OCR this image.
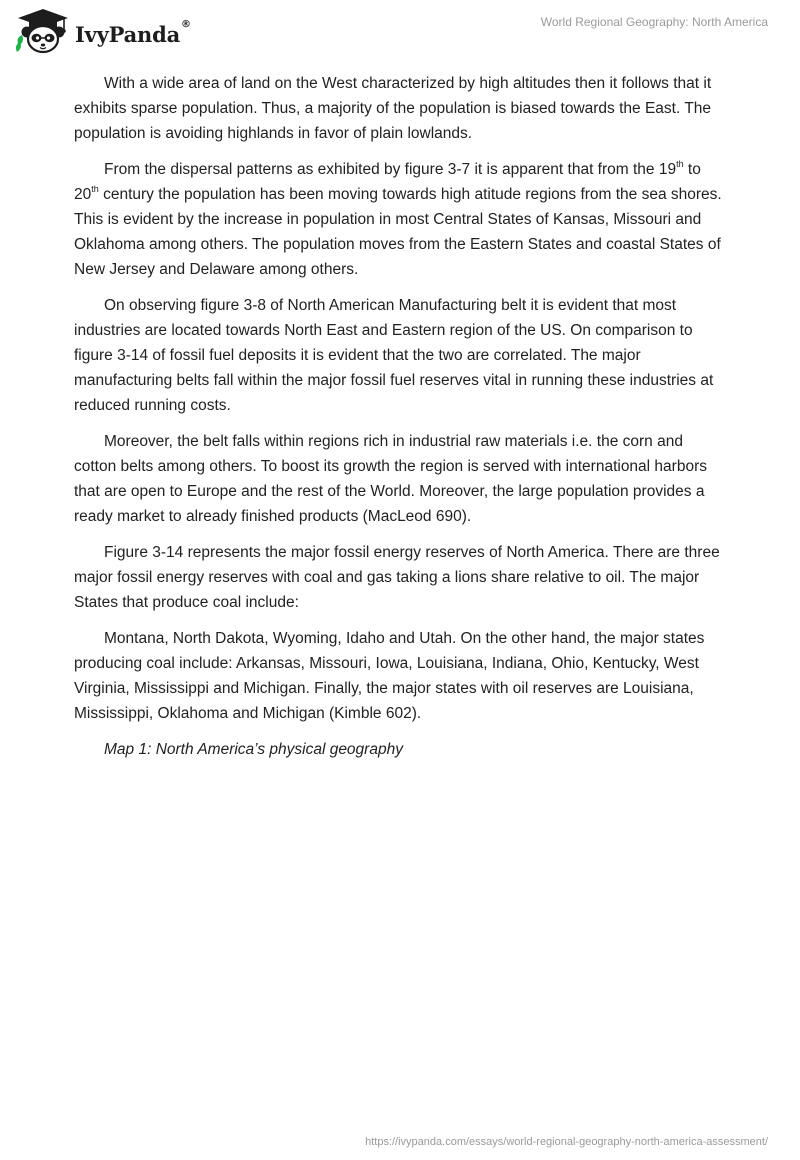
IvyPanda®	World Regional Geography: North America

With a wide area of land on the West characterized by high altitudes then it follows that it exhibits sparse population. Thus, a majority of the population is biased towards the East. The population is avoiding highlands in favor of plain lowlands.

From the dispersal patterns as exhibited by figure 3-7 it is apparent that from the 19th to 20th century the population has been moving towards high atitude regions from the sea shores. This is evident by the increase in population in most Central States of Kansas, Missouri and Oklahoma among others. The population moves from the Eastern States and coastal States of New Jersey and Delaware among others.

On observing figure 3-8 of North American Manufacturing belt it is evident that most industries are located towards North East and Eastern region of the US. On comparison to figure 3-14 of fossil fuel deposits it is evident that the two are correlated. The major manufacturing belts fall within the major fossil fuel reserves vital in running these industries at reduced running costs.

Moreover, the belt falls within regions rich in industrial raw materials i.e. the corn and cotton belts among others. To boost its growth the region is served with international harbors that are open to Europe and the rest of the World. Moreover, the large population provides a ready market to already finished products (MacLeod 690).

Figure 3-14 represents the major fossil energy reserves of North America. There are three major fossil energy reserves with coal and gas taking a lions share relative to oil. The major States that produce coal include:

Montana, North Dakota, Wyoming, Idaho and Utah. On the other hand, the major states producing coal include: Arkansas, Missouri, Iowa, Louisiana, Indiana, Ohio, Kentucky, West Virginia, Mississippi and Michigan. Finally, the major states with oil reserves are Louisiana, Mississippi, Oklahoma and Michigan (Kimble 602).

Map 1: North America’s physical geography

https://ivypanda.com/essays/world-regional-geography-north-america-assessment/
